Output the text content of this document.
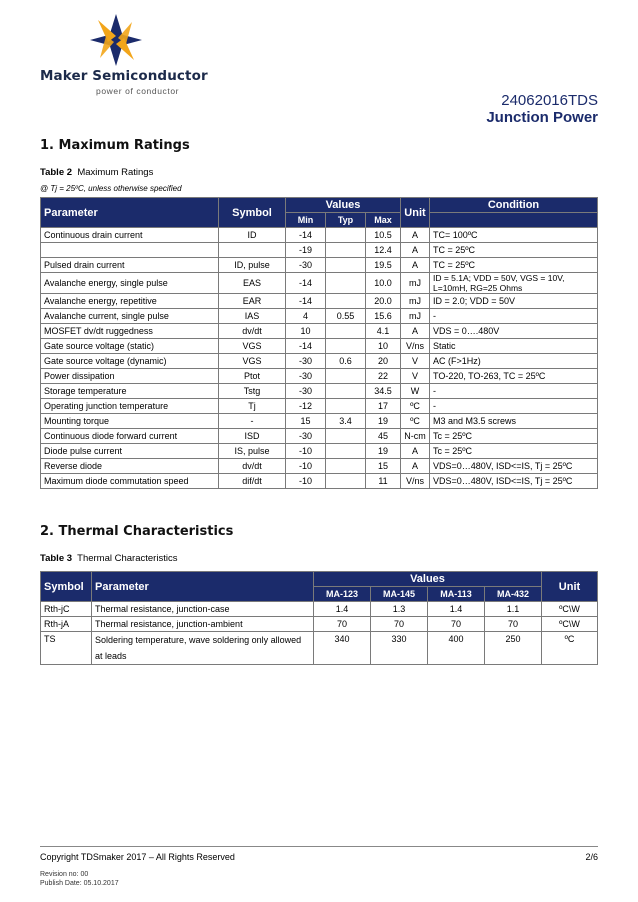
Maker Semiconductor
power of conductor
24062016TDS
Junction Power
1. Maximum Ratings
Table 2 Maximum Ratings
@ Tj = 25ºC, unless otherwise specified
Parameter	Symbol	Values			Unit	Condition
		Min	Typ	Max		
Continuous drain current	ID	-14		10.5	A	TC= 100ºC
		-19		12.4	A	TC = 25ºC
Pulsed drain current	ID, pulse	-30		19.5	A	TC = 25ºC
Avalanche energy, single pulse	EAS	-14		10.0	mJ	ID = 5.1A; VDD = 50V, VGS = 10V, L=10mH, RG=25 Ohms
Avalanche energy, repetitive	EAR	-14		20.0	mJ	ID = 2.0; VDD = 50V
Avalanche current, single pulse	IAS	4	0.55	15.6	mJ	-
MOSFET dv/dt ruggedness	dv/dt	10		4.1	A	VDS = 0….480V
Gate source voltage (static)	VGS	-14		10	V/ns	Static
Gate source voltage (dynamic)	VGS	-30	0.6	20	V	AC (F>1Hz)
Power dissipation	Ptot	-30		22	V	TO-220, TO-263, TC = 25ºC
Storage temperature	Tstg	-30		34.5	W	-
Operating junction temperature	Tj	-12		17	ºC	-
Mounting torque	-	15	3.4	19	ºC	M3 and M3.5 screws
Continuous diode forward current	ISD	-30		45	N-cm	Tc = 25ºC
Diode pulse current	IS, pulse	-10		19	A	Tc = 25ºC
Reverse diode	dv/dt	-10		15	A	VDS=0…480V, ISD<=IS, Tj = 25ºC
Maximum diode commutation speed	dif/dt	-10		11	V/ns	VDS=0…480V, ISD<=IS, Tj = 25ºC
2. Thermal Characteristics
Table 3 Thermal Characteristics
Symbol	Parameter	Values				Unit
		MA-123	MA-145	MA-113	MA-432	
Rth-jC	Thermal resistance, junction-case	1.4	1.3	1.4	1.1	ºC\W
Rth-jA	Thermal resistance, junction-ambient	70	70	70	70	ºC\W
TS	Soldering temperature, wave soldering only allowed at leads	340	330	400	250	ºC
Copyright TDSmaker 2017 – All Rights Reserved	2/6
Revision no: 00
Publish Date: 05.10.2017
